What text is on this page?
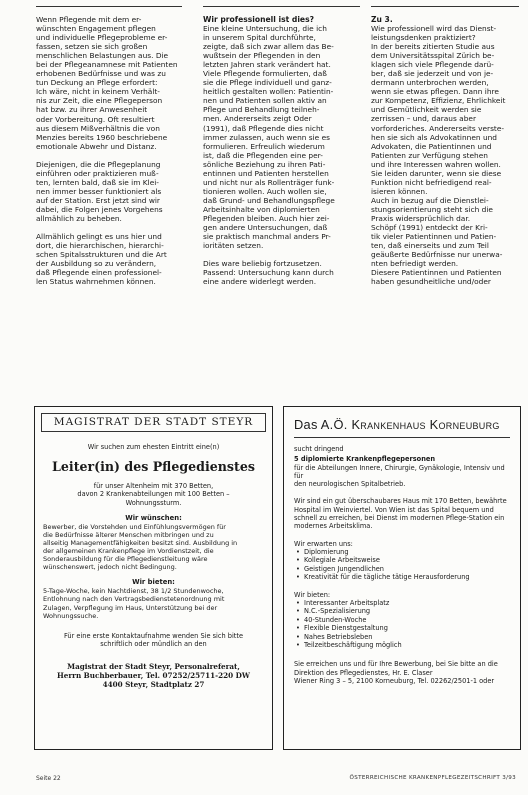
Wenn Pflegende mit dem er-
wünschten Engagement pflegen
und individuelle Pflegeprobleme er-
fassen, setzen sie sich großen
menschlichen Belastungen aus. Die
bei der Pflegeanamnese mit Patienten
erhobenen Bedürfnisse und was zu
tun Deckung an Pflege erfordert:
Ich wäre, nicht in keinem Verhält-
nis zur Zeit, die eine Pflegeperson
hat bzw. zu ihrer Anwesenheit
oder Vorbereitung. Oft resultiert
aus diesem Mißverhältnis die von
Menzies bereits 1960 beschriebene
emotionale Abwehr und Distanz.

Diejenigen, die die Pflegeplanung
einführen oder praktizieren muß-
ten, lernten bald, daß sie im Klei-
nen immer besser funktioniert als
auf der Station. Erst jetzt sind wir
dabei, die Folgen jenes Vorgehens
allmählich zu beheben.

Allmählich gelingt es uns hier und
dort, die hierarchischen, hierarchi-
schen Spitalsstrukturen und die Art
der Ausbildung so zu verändern,
daß Pflegende einen professionel-
len Status wahrnehmen können.

Wir professionell ist dies?

Eine kleine Untersuchung, die ich
in unserem Spital durchführte,
zeigte, daß sich zwar allem das Be-
wußtsein der Pflegenden in den
letzten Jahren stark verändert hat.
Viele Pflegende formulierten, daß
sie die Pflege individuell und ganz-
heitlich gestalten wollen: Patientin-
nen und Patienten sollen aktiv an
Pflege und Behandlung teilneh-
men. Andererseits zeigt Oder
(1991), daß Pflegende dies nicht
immer zulassen, auch wenn sie es
formulieren. Erfreulich wiederum
ist, daß die Pflegenden eine per-
sönliche Beziehung zu ihren Pati-
entinnen und Patienten herstellen
und nicht nur als Rollenträger funk-
tionieren wollen. Auch wollen sie,
daß Grund- und Behandlungspflege
Arbeitsinhalte von diplomierten
Pflegenden bleiben. Auch hier zei-
gen andere Untersuchungen, daß
sie praktisch manchmal anders Pr-
ioritäten setzen.

Dies ware beliebig fortzusetzen.
Passend: Untersuchung kann durch
eine andere widerlegt werden.

Zu 3.

Wie professionell wird das Dienst-
leistungsdenken praktiziert?
In der bereits zitierten Studie aus
dem Universitätsspital Zürich be-
klagen sich viele Pflegende darü-
ber, daß sie jederzeit und von je-
dermann unterbrochen werden,
wenn sie etwas pflegen. Dann ihre
zur Kompetenz, Effizienz, Ehrlichkeit
und Gemütlichkeit werden sie
zerrissen – und, daraus aber
vorforderiches. Andererseits verste-
hen sie sich als Advokatinnen und
Advokaten, die Patientinnen und
Patienten zur Verfügung stehen
und ihre Interessen wahren wollen.
Sie leiden darunter, wenn sie diese
Funktion nicht befriedigend real-
isieren können.
Auch in bezug auf die Dienstlei-
stungsorientierung steht sich die
Praxis widersprüchlich dar.
Schöpf (1991) entdeckt der Kri-
tik vieler Patientinnen und Patien-
ten, daß einerseits und zum Teil
geäußerte Bedürfnisse nur unerwa-
nten befriedigt werden.
Diesere Patientinnen und Patienten
haben gesundheitliche und/oder

MAGISTRAT DER STADT STEYR
Wir suchen zum ehesten Eintritt eine(n)
Leiter(in) des Pflegedienstes
für unser Altenheim mit 370 Betten,
davon 2 Krankenabteilungen mit 100 Betten –
Wohnungssturm.
Wir wünschen:
Bewerber, die Vorstehden und Einfühlungsvermögen für
die Bedürfnisse älterer Menschen mitbringen und zu
allseitig Managementfähigkeiten besitzt sind. Ausbildung in
der allgemeinen Krankenpflege im Vordienstzeit, die
Sonderausbildung für die Pflegedienstleitung wäre
wünschenswert, jedoch nicht Bedingung.
Wir bieten:
5-Tage-Woche, kein Nachtdienst, 38 1/2 Stundenwoche,
Entlohnung nach den Vertragsbedienstetenordnung mit
Zulagen, Verpflegung im Haus, Unterstützung bei der
Wohnungssuche.
Für eine erste Kontaktaufnahme wenden Sie sich bitte
schriftlich oder mündlich an den
Magistrat der Stadt Steyr, Personalreferat,
Herrn Buchberbauer, Tel. 07252/25711-220 DW
4400 Steyr, Stadtplatz 27
Das A.Ö. Krankenhaus Korneuburg
sucht dringend
5 diplomierte Krankenpflegepersonen
für die Abteilungen Innere, Chirurgie, Gynäkologie, Intensiv und für
den neurologischen Spitalbetrieb.
Wir sind ein gut überschaubares Haus mit 170 Betten, bewährte
Hospital im Weinviertel. Von Wien ist das Spital bequem und
schnell zu erreichen, bei Dienst im modernen Pflege-Station ein
modernes Arbeitsklima.
Wir erwarten uns:
• Diplomierung
• Kollegiale Arbeitsweise
• Geistigen Jungendlichen
• Kreativität für die tägliche tätige Herausforderung
Wir bieten:
• Interessanter Arbeitsplatz
• N.C.-Spezialisierung
• 40-Stunden-Woche
• Flexible Dienstgestaltung
• Nahes Betriebsleben
• Teilzeitbeschäftigung möglich
Sie erreichen uns und für Ihre Bewerbung, bei Sie bitte an die
Direktion des Pflegedienstes, Hr. E. Claser
Wiener Ring 3 – 5, 2100 Korneuburg, Tel. 02262/2501-1 oder
Seite 22	ÖSTERREICHISCHE KRANKENPFLEGEZEITSCHRIFT 3/93
